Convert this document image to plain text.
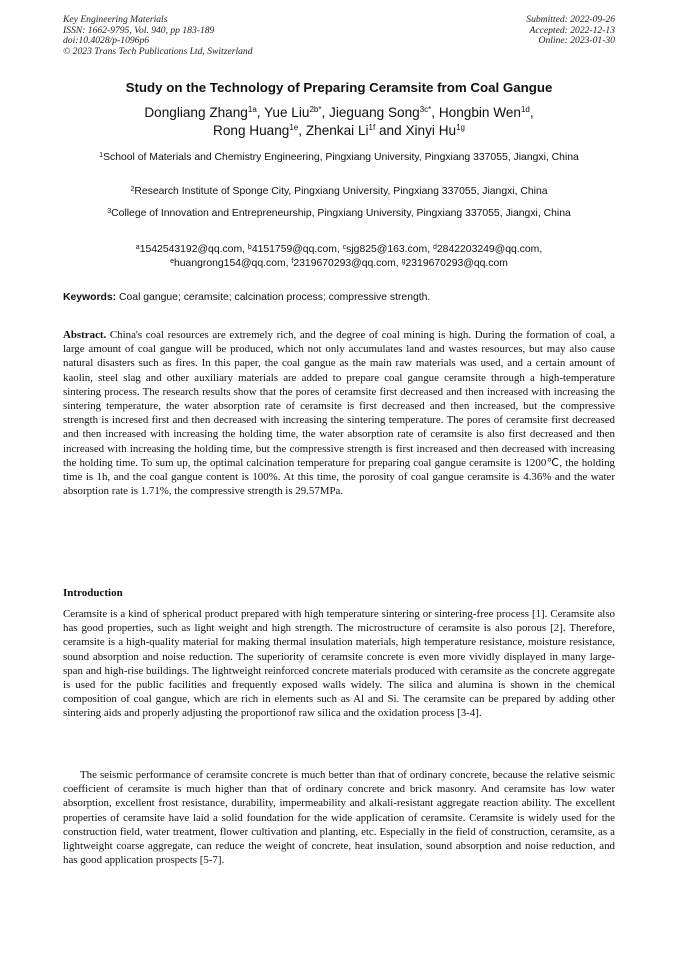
Key Engineering Materials
ISSN: 1662-9795, Vol. 940, pp 183-189
doi:10.4028/p-1096p6
© 2023 Trans Tech Publications Ltd, Switzerland
Submitted: 2022-09-26
Accepted: 2022-12-13
Online: 2023-01-30
Study on the Technology of Preparing Ceramsite from Coal Gangue
Dongliang Zhang$^{1a}$, Yue Liu$^{2b*}$, Jieguang Song$^{3c*}$, Hongbin Wen$^{1d}$,
Rong Huang$^{1e}$, Zhenkai $Li^{1f}$ and Xinyi $Hu^{1g}$
$^1$School of Materials and Chemistry Engineering, Pingxiang University, Pingxiang 337055, Jiangxi, China
$^2$Research Institute of Sponge City, Pingxiang University, Pingxiang 337055, Jiangxi, China
$^3$College of Innovation and Entrepreneurship, Pingxiang University, Pingxiang 337055, Jiangxi, China
$^a$1542543192@qq.com, $^b$4151759@qq.com, $^c$sjg825@163.com, $^d$2842203249@qq.com,
$^e$huangrong154@qq.com, $^f$2319670293@qq.com, $^g$2319670293@qq.com
Keywords: Coal gangue; ceramsite; calcination process; compressive strength.
Abstract. China's coal resources are extremely rich, and the degree of coal mining is high. During the formation of coal, a large amount of coal gangue will be produced, which not only accumulates land and wastes resources, but may also cause natural disasters such as fires. In this paper, the coal gangue as the main raw materials was used, and a certain amount of kaolin, steel slag and other auxiliary materials are added to prepare coal gangue ceramsite through a high-temperature sintering process. The research results show that the pores of ceramsite first decreased and then increased with increasing the sintering temperature, the water absorption rate of ceramsite is first decreased and then increased, but the compressive strength is incresed first and then decreased with increasing the sintering temperature. The pores of ceramsite first decreased and then increased with increasing the holding time, the water absorption rate of ceramsite is also first decreased and then increased with increasing the holding time, but the compressive strength is first increased and then decreased with increasing the holding time. To sum up, the optimal calcination temperature for preparing coal gangue ceramsite is 1200℃, the holding time is 1h, and the coal gangue content is 100%. At this time, the porosity of coal gangue ceramsite is 4.36% and the water absorption rate is 1.71%, the compressive strength is 29.57MPa.
Introduction
Ceramsite is a kind of spherical product prepared with high temperature sintering or sintering-free process [1]. Ceramsite also has good properties, such as light weight and high strength. The microstructure of ceramsite is also porous [2]. Therefore, ceramsite is a high-quality material for making thermal insulation materials, high temperature resistance, moisture resistance, sound absorption and noise reduction. The superiority of ceramsite concrete is even more vividly displayed in many large-span and high-rise buildings. The lightweight reinforced concrete materials produced with ceramsite as the concrete aggregate is used for the public facilities and frequently exposed walls widely. The silica and alumina is shown in the chemical composition of coal gangue, which are rich in elements such as Al and Si. The ceramsite can be prepared by adding other sintering aids and properly adjusting the proportionof raw silica and the oxidation process [3-4].
The seismic performance of ceramsite concrete is much better than that of ordinary concrete, because the relative seismic coefficient of ceramsite is much higher than that of ordinary concrete and brick masonry. And ceramsite has low water absorption, excellent frost resistance, durability, impermeability and alkali-resistant aggregate reaction ability. The excellent properties of ceramsite have laid a solid foundation for the wide application of ceramsite. Ceramsite is widely used for the construction field, water treatment, flower cultivation and planting, etc. Especially in the field of construction, ceramsite, as a lightweight coarse aggregate, can reduce the weight of concrete, heat insulation, sound absorption and noise reduction, and has good application prospects [5-7].
